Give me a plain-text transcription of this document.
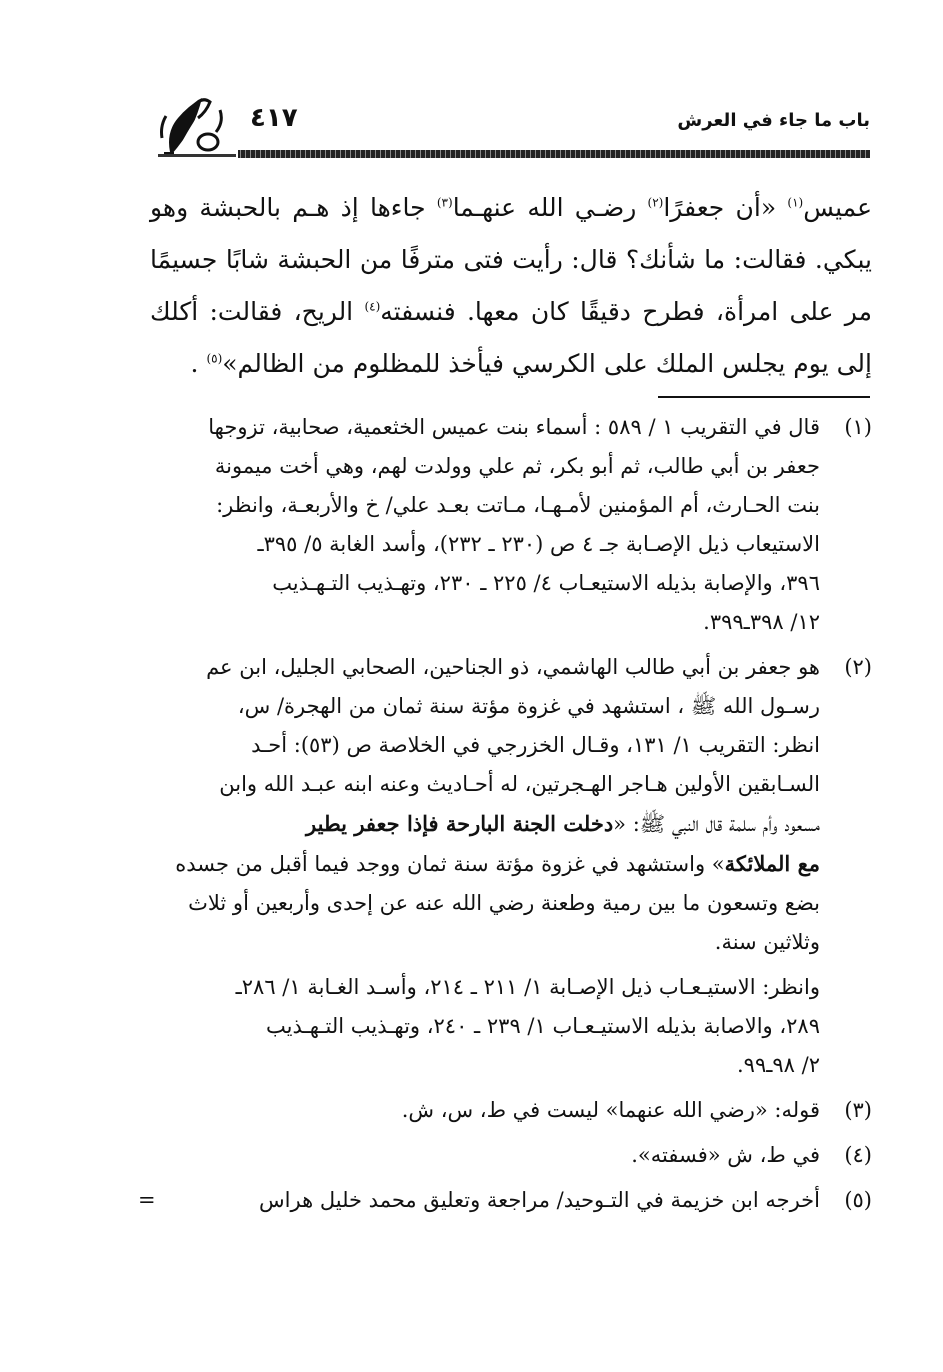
باب ما جاء في العرش
٤١٧

عميس$^{(١)}$ «أن جعفرًا$^{(٢)}$ رضـي الله عنهـما$^{(٣)}$ جاءها إذ هـم بالحبشة وهو يبكي. فقالت: ما شأنك؟ قال: رأيت فتى مترفًا من الحبشة شابًا جسيمًا مر على امرأة، فطرح دقيقًا كان معها. فنسفته$^{(٤)}$ الريح، فقالت: أكلك إلى يوم يجلس الملك على الكرسي فيأخذ للمظلوم من الظالم»$^{(٥)}$ .

(١)
قال في التقريب ١ / ٥٨٩ : أسماء بنت عميس الخثعمية، صحابية، تزوجها
جعفر بن أبي طالب، ثم أبو بكر، ثم علي وولدت لهم، وهي أخت ميمونة
بنت الحـارث، أم المؤمنين لأمـهـا، مـاتت بعـد علي/ خ والأربعـة، وانظر:
الاستيعاب ذيل الإصـابة جـ ٤ ص (٢٣٠ ـ ٢٣٢)، وأسد الغابة ٥/ ٣٩٥ـ
٣٩٦، والإصابة بذيله الاستيعـاب ٤/ ٢٢٥ ـ ٢٣٠، وتهـذيب التـهـذيب
١٢/ ٣٩٨ـ٣٩٩.
(٢)
هو جعفر بن أبي طالب الهاشمي، ذو الجناحين، الصحابي الجليل، ابن عم
رسـول الله ﷺ ، استشهد في غزوة مؤتة سنة ثمان من الهجرة/ س،
انظر: التقريب ١/ ١٣١، وقـال الخزرجي في الخلاصة ص (٥٣): أحـد
السـابقين الأولين هـاجر الهـجرتين، له أحـاديث وعنه ابنه عبـد الله وابن
مسعود وأم سلمة قال النبي ﷺ: «دخلت الجنة البارحة فإذا جعفر يطير
مع الملائكة» واستشهد في غزوة مؤتة سنة ثمان ووجد فيما أقبل من جسده
بضع وتسعون ما بين رمية وطعنة رضي الله عنه عن إحدى وأربعين أو ثلاث
وثلاثين سنة.
وانظر: الاستيـعـاب ذيل الإصـابة ١/ ٢١١ ـ ٢١٤، وأسـد الغـابة ١/ ٢٨٦ـ
٢٨٩، والاصابة بذيله الاستيـعـاب ١/ ٢٣٩ ـ ٢٤٠، وتهـذيب التـهـذيب
٢/ ٩٨ـ٩٩.
(٣)
قوله: «رضي الله عنهما» ليست في ط، س، ش.
(٤)
في ط، ش «فسفته».
(٥)
أخرجه ابن خزيمة في التـوحيد/ مراجعة وتعليق محمد خليل هراس
=
